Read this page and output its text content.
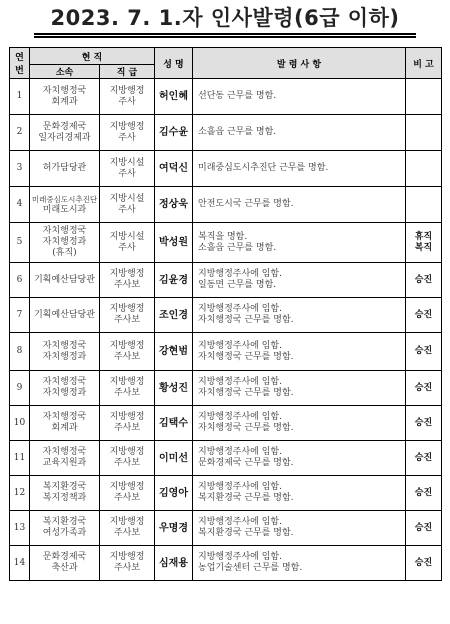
2023. 7. 1.자 인사발령(6급 이하)
연
번	현 직		성 명	발 령 사 항	비 고
	소속	직 급			
1	자치행정국
회계과	지방행정
주사	허인혜	선단동 근무를 명함.	

2	문화경제국
일자리경제과	지방행정
주사	김수윤	소흘읍 근무를 명함.	

3	허가담당관	지방시설
주사	여덕신	미래중심도시추진단 근무를 명함.	

4	미래중심도시추진단
미래도시과	지방시설
주사	정상욱	안전도시국 근무를 명함.	

5	자치행정국
자치행정과
(휴직)	지방시설
주사	박성원	복직을 명함.
소흘읍 근무를 명함.	휴직
복직

6	기획예산담당관	지방행정
주사보	김윤경	지방행정주사에 임함.
일동면 근무를 명함.	승진

7	기획예산담당관	지방행정
주사보	조인경	지방행정주사에 임함.
자치행정국 근무를 명함.	승진

8	자치행정국
자치행정과	지방행정
주사보	강현범	지방행정주사에 임함.
자치행정국 근무를 명함.	승진

9	자치행정국
자치행정과	지방행정
주사보	황성진	지방행정주사에 임함.
자치행정국 근무를 명함.	승진

10	자치행정국
회계과	지방행정
주사보	김택수	지방행정주사에 임함.
자치행정국 근무를 명함.	승진

11	자치행정국
교육지원과	지방행정
주사보	이미선	지방행정주사에 임함.
문화경제국 근무를 명함.	승진

12	복지환경국
복지정책과	지방행정
주사보	김영아	지방행정주사에 임함.
복지환경국 근무를 명함.	승진

13	복지환경국
여성가족과	지방행정
주사보	우명경	지방행정주사에 임함.
복지환경국 근무를 명함.	승진

14	문화경제국
축산과	지방행정
주사보	심재용	지방행정주사에 임함.
농업기술센터 근무를 명함.	승진
